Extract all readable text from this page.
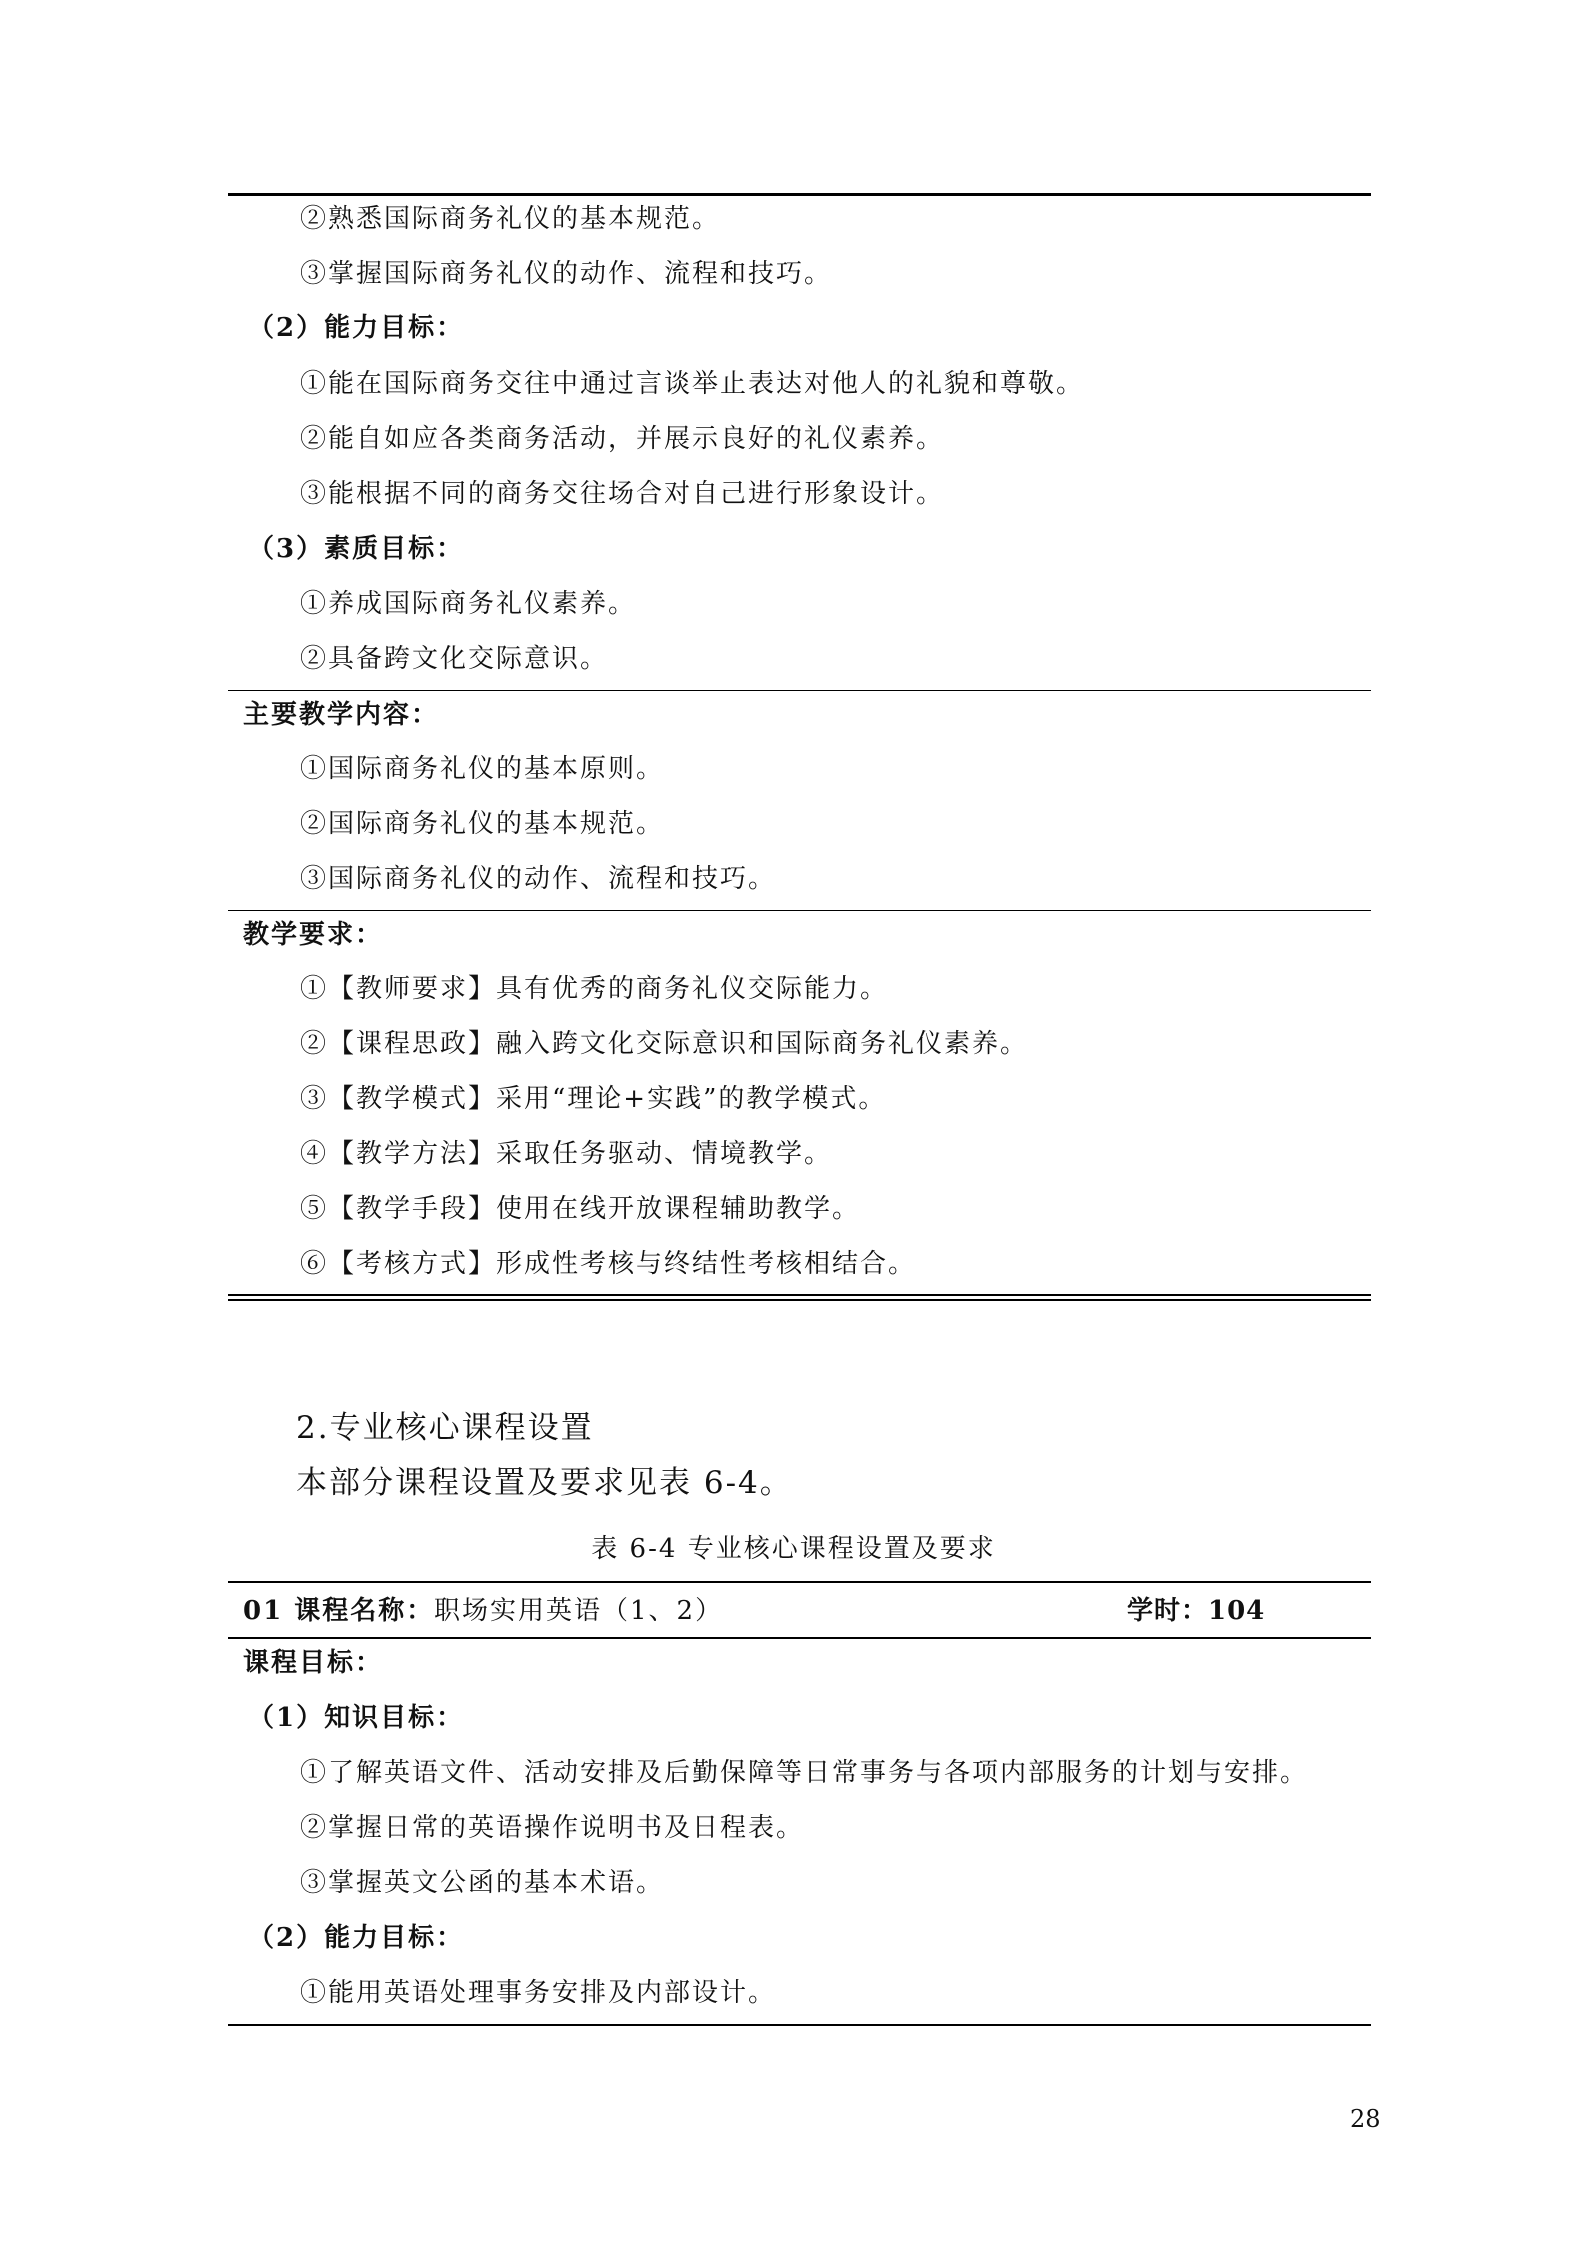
②熟悉国际商务礼仪的基本规范。
③掌握国际商务礼仪的动作、流程和技巧。
（2）能力目标：
①能在国际商务交往中通过言谈举止表达对他人的礼貌和尊敬。
②能自如应各类商务活动，并展示良好的礼仪素养。
③能根据不同的商务交往场合对自己进行形象设计。
（3）素质目标：
①养成国际商务礼仪素养。
②具备跨文化交际意识。
主要教学内容：
①国际商务礼仪的基本原则。
②国际商务礼仪的基本规范。
③国际商务礼仪的动作、流程和技巧。
教学要求：
①【教师要求】具有优秀的商务礼仪交际能力。
②【课程思政】融入跨文化交际意识和国际商务礼仪素养。
③【教学模式】采用“理论+实践”的教学模式。
④【教学方法】采取任务驱动、情境教学。
⑤【教学手段】使用在线开放课程辅助教学。
⑥【考核方式】形成性考核与终结性考核相结合。
2.专业核心课程设置
本部分课程设置及要求见表 6-4。
表 6-4 专业核心课程设置及要求
01 课程名称： 职场实用英语（1、2）	学时：104
课程目标：
（1）知识目标：
①了解英语文件、活动安排及后勤保障等日常事务与各项内部服务的计划与安排。
②掌握日常的英语操作说明书及日程表。
③掌握英文公函的基本术语。
（2）能力目标：
①能用英语处理事务安排及内部设计。
28
